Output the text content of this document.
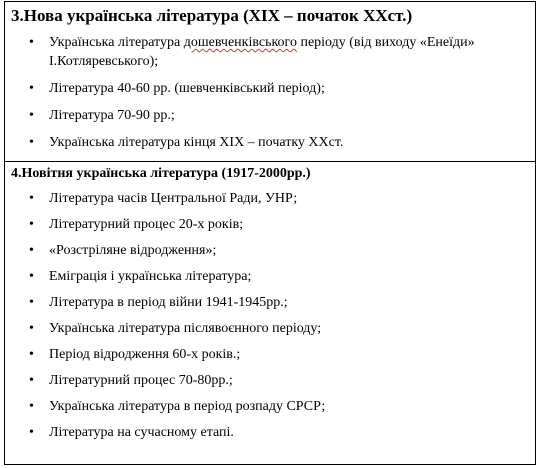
3.Нова українська література (XIX – початок XXст.)

• Українська література дошевченківського періоду (від виходу «Енеїди» І.Котляревського);
• Література 40-60 рр. (шевченківський період);
• Література 70-90 рр.;
• Українська література кінця XIX – початку XXст.

4.Новітня українська література (1917-2000рр.)

• Література часів Центральної Ради, УНР;
• Літературний процес 20-х років;
• «Розстріляне відродження»;
• Еміграція і українська література;
• Література в період війни 1941-1945рр.;
• Українська література післявоєнного періоду;
• Період відродження 60-х років.;
• Літературний процес 70-80рр.;
• Українська література в період розпаду СРСР;
• Література на сучасному етапі.
